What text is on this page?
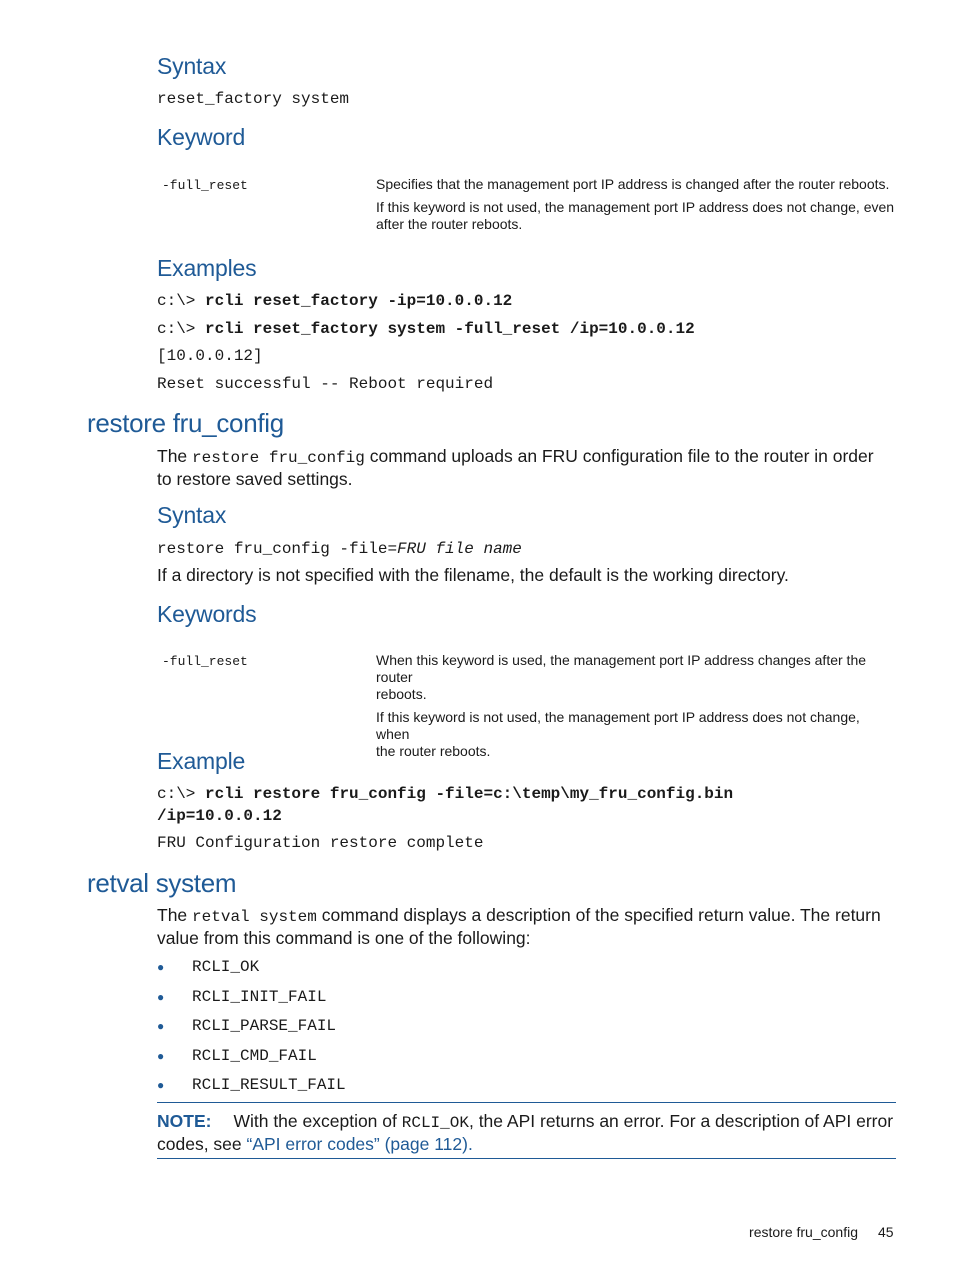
Syntax
reset_factory system
Keyword
-full_reset	Specifies that the management port IP address is changed after the router reboots.
If this keyword is not used, the management port IP address does not change, even
after the router reboots.
Examples
c:\> rcli reset_factory -ip=10.0.0.12
c:\> rcli reset_factory system -full_reset /ip=10.0.0.12
[10.0.0.12]
Reset successful -- Reboot required
restore fru_config
The restore fru_config command uploads an FRU configuration file to the router in order
to restore saved settings.
Syntax
restore fru_config -file=FRU file name
If a directory is not specified with the filename, the default is the working directory.
Keywords
-full_reset	When this keyword is used, the management port IP address changes after the router
reboots.
If this keyword is not used, the management port IP address does not change, when
the router reboots.
Example
c:\> rcli restore fru_config -file=c:\temp\my_fru_config.bin
/ip=10.0.0.12
FRU Configuration restore complete
retval system
The retval system command displays a description of the specified return value. The return
value from this command is one of the following:
● RCLI_OK
● RCLI_INIT_FAIL
● RCLI_PARSE_FAIL
● RCLI_CMD_FAIL
● RCLI_RESULT_FAIL
NOTE: With the exception of RCLI_OK, the API returns an error. For a description of API error
codes, see “API error codes” (page 112).
restore fru_config 45
